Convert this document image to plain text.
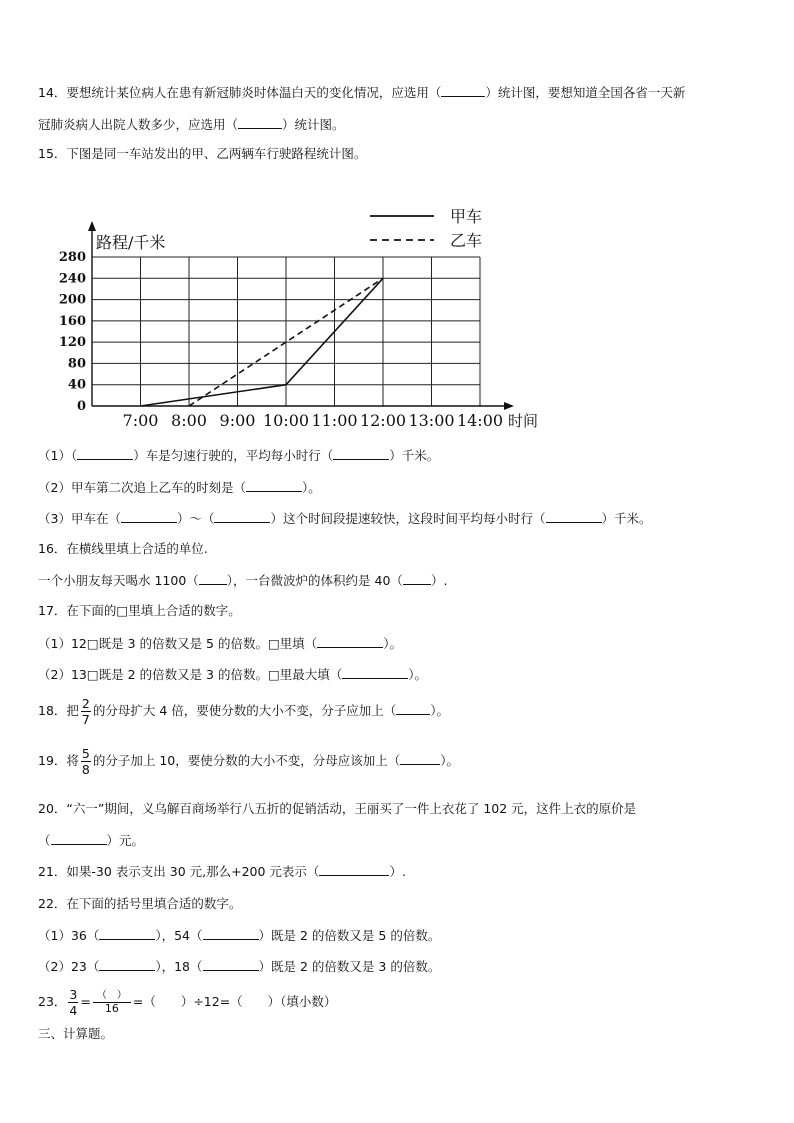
14．要想统计某位病人在患有新冠肺炎时体温白天的变化情况，应选用（	）统计图，要想知道全国各省一天新
冠肺炎病人出院人数多少，应选用（	）统计图。
15．下图是同一车站发出的甲、乙两辆车行驶路程统计图。
路程/千米
时间
0
40
80
120
160
200
240
280
7:00 8:00 9:00 10:00 11:00 12:00 13:00 14:00
甲车
乙车
（1）（	）车是匀速行驶的，平均每小时行（	）千米。
（2）甲车第二次追上乙车的时刻是（	）。
（3）甲车在（	）～（	）这个时间段提速较快，这段时间平均每小时行（	）千米。
16．在横线里填上合适的单位.
一个小朋友每天喝水 1100（ ），一台微波炉的体积约是 40（ ）.
17．在下面的□里填上合适的数字。
（1）12□既是 3 的倍数又是 5 的倍数。□里填（	）。
（2）13□既是 2 的倍数又是 3 的倍数。□里最大填（	）。
18．把 $\frac{2}{7}$ 的分母扩大 4 倍，要使分数的大小不变，分子应加上（	）。
19．将 $\frac{5}{8}$ 的分子加上 10，要使分数的大小不变，分母应该加上（	）。
20．“六一”期间，义乌解百商场举行八五折的促销活动，王丽买了一件上衣花了 102 元，这件上衣的原价是
（	）元。
21．如果-30 表示支出 30 元,那么+200 元表示（	）.
22．在下面的括号里填合适的数字。
（1）36（	），54（	）既是 2 的倍数又是 5 的倍数。
（2）23（	），18（	）既是 2 的倍数又是 3 的倍数。
23． $\frac{3}{4} = \frac{( )}{16}$ =（　　）÷12=（　　）（填小数）
三、计算题。
